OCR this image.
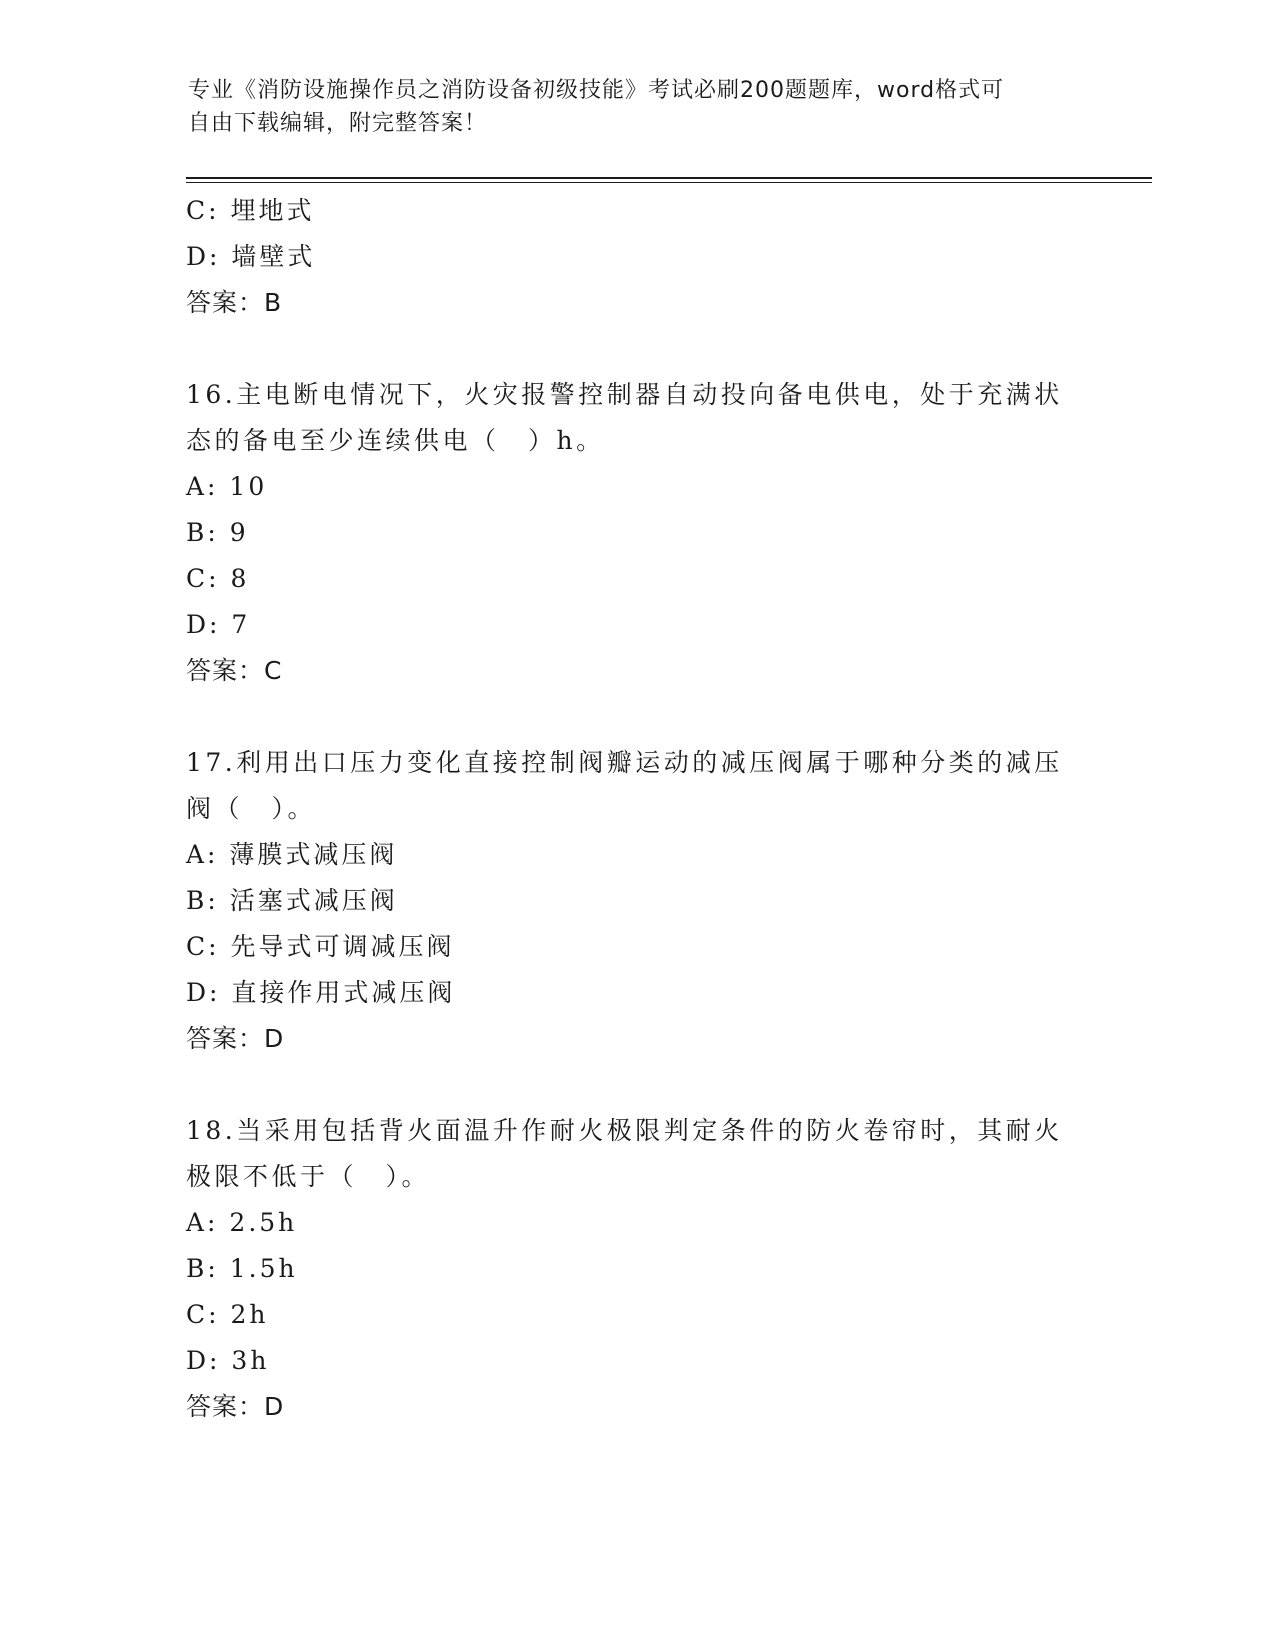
专业《消防设施操作员之消防设备初级技能》考试必刷200题题库，word格式可
自由下载编辑，附完整答案！
C: 埋地式
D: 墙壁式
答案：B
16.主电断电情况下，火灾报警控制器自动投向备电供电，处于充满状
态的备电至少连续供电（　）h。
A: 10
B: 9
C: 8
D: 7
答案：C
17.利用出口压力变化直接控制阀瓣运动的减压阀属于哪种分类的减压
阀（　）。
A: 薄膜式减压阀
B: 活塞式减压阀
C: 先导式可调减压阀
D: 直接作用式减压阀
答案：D
18.当采用包括背火面温升作耐火极限判定条件的防火卷帘时，其耐火
极限不低于（　）。
A: 2.5h
B: 1.5h
C: 2h
D: 3h
答案：D
